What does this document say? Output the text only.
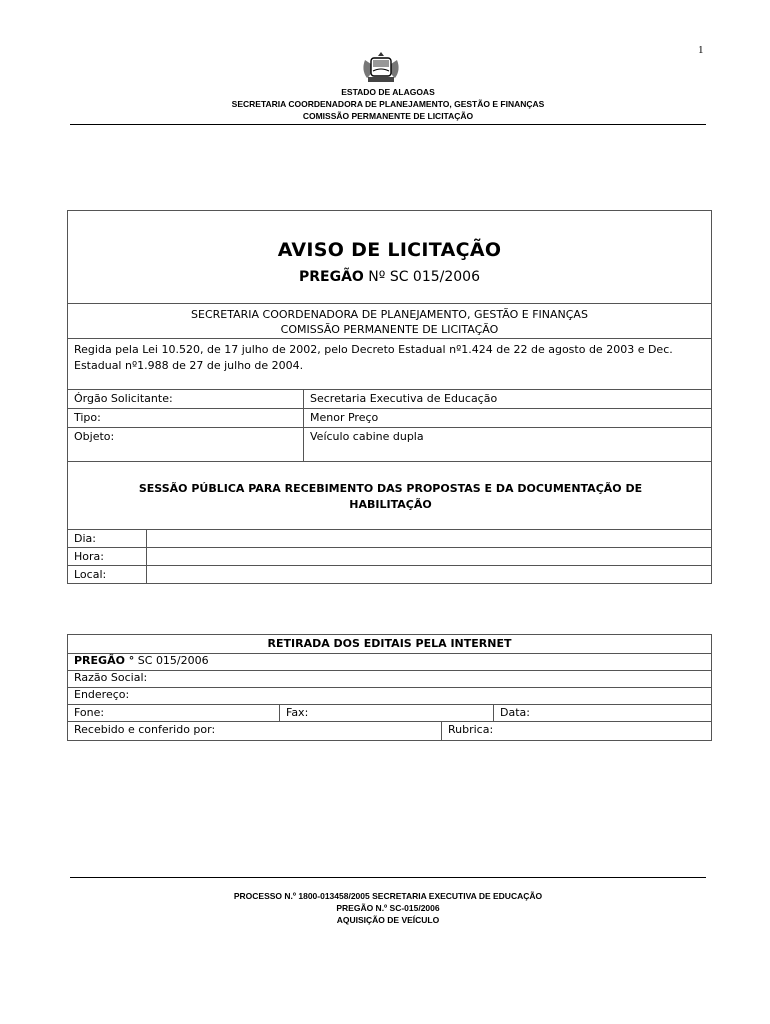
1
ESTADO DE ALAGOAS
SECRETARIA COORDENADORA DE PLANEJAMENTO, GESTÃO E FINANÇAS
COMISSÃO PERMANENTE DE LICITAÇÃO
AVISO DE LICITAÇÃO
PREGÃO Nº SC 015/2006
SECRETARIA COORDENADORA DE PLANEJAMENTO, GESTÃO E FINANÇAS
COMISSÃO PERMANENTE DE LICITAÇÃO
Regida pela Lei 10.520, de 17 julho de 2002, pelo Decreto Estadual nº1.424 de 22 de agosto de 2003 e Dec. Estadual nº1.988 de 27 de julho de 2004.
Órgão Solicitante:	Secretaria Executiva de Educação
Tipo:	Menor Preço
Objeto:	Veículo cabine dupla
SESSÃO PÚBLICA PARA RECEBIMENTO DAS PROPOSTAS E DA DOCUMENTAÇÃO DE HABILITAÇÃO
Dia:
Hora:
Local:
RETIRADA DOS EDITAIS PELA INTERNET
PREGÃO ° SC 015/2006
Razão Social:
Endereço:
Fone:	Fax:	Data:
Recebido e conferido por:	Rubrica:
PROCESSO N.º 1800-013458/2005 SECRETARIA EXECUTIVA DE EDUCAÇÃO
PREGÃO N.º SC-015/2006
AQUISIÇÃO DE VEÍCULO
